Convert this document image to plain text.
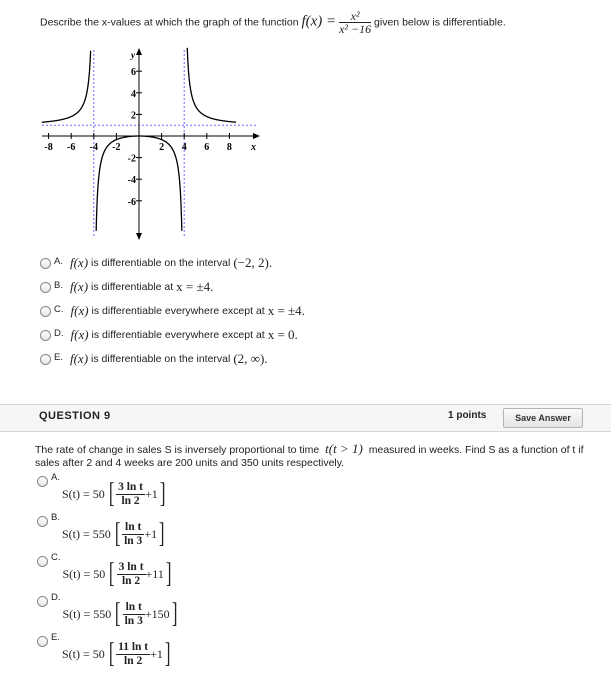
Describe the x-values at which the graph of the function $f(x) = \frac{\text{x²}}{\text{x² −16}}$ given below is differentiable.
-8 -6 -4 -2	2 4 6 8 x
6
4
2
-2
-4
-6
y
A. f(x) is differentiable on the interval (−2, 2).
B. f(x) is differentiable at x = ±4.
C. f(x) is differentiable everywhere except at x = ±4.
D. f(x) is differentiable everywhere except at x = 0.
E. f(x) is differentiable on the interval (2, ∞).
QUESTION 9	1 points	Save Answer
The rate of change in sales S is inversely proportional to time t(t > 1) measured in weeks. Find S as a function of t if sales after 2 and 4 weeks are 200 units and 350 units respectively.
A.
S(t) = 50 [ $\frac{\text{3 ln t}}{\ln 2} +1$ ]
B.
S(t) = 550 [ $\frac{\text{ln t}}{\ln 3} +1$ ]
C.
S(t) = 50 [ $\frac{\text{3 ln t}}{\ln 2} +11$ ]
D.
S(t) = 550 [ $\frac{\text{ln t}}{\ln 3} +150$ ]
E.
S(t) = 50 [ $\frac{\text{11 ln t}}{\ln 2} +1$ ]
